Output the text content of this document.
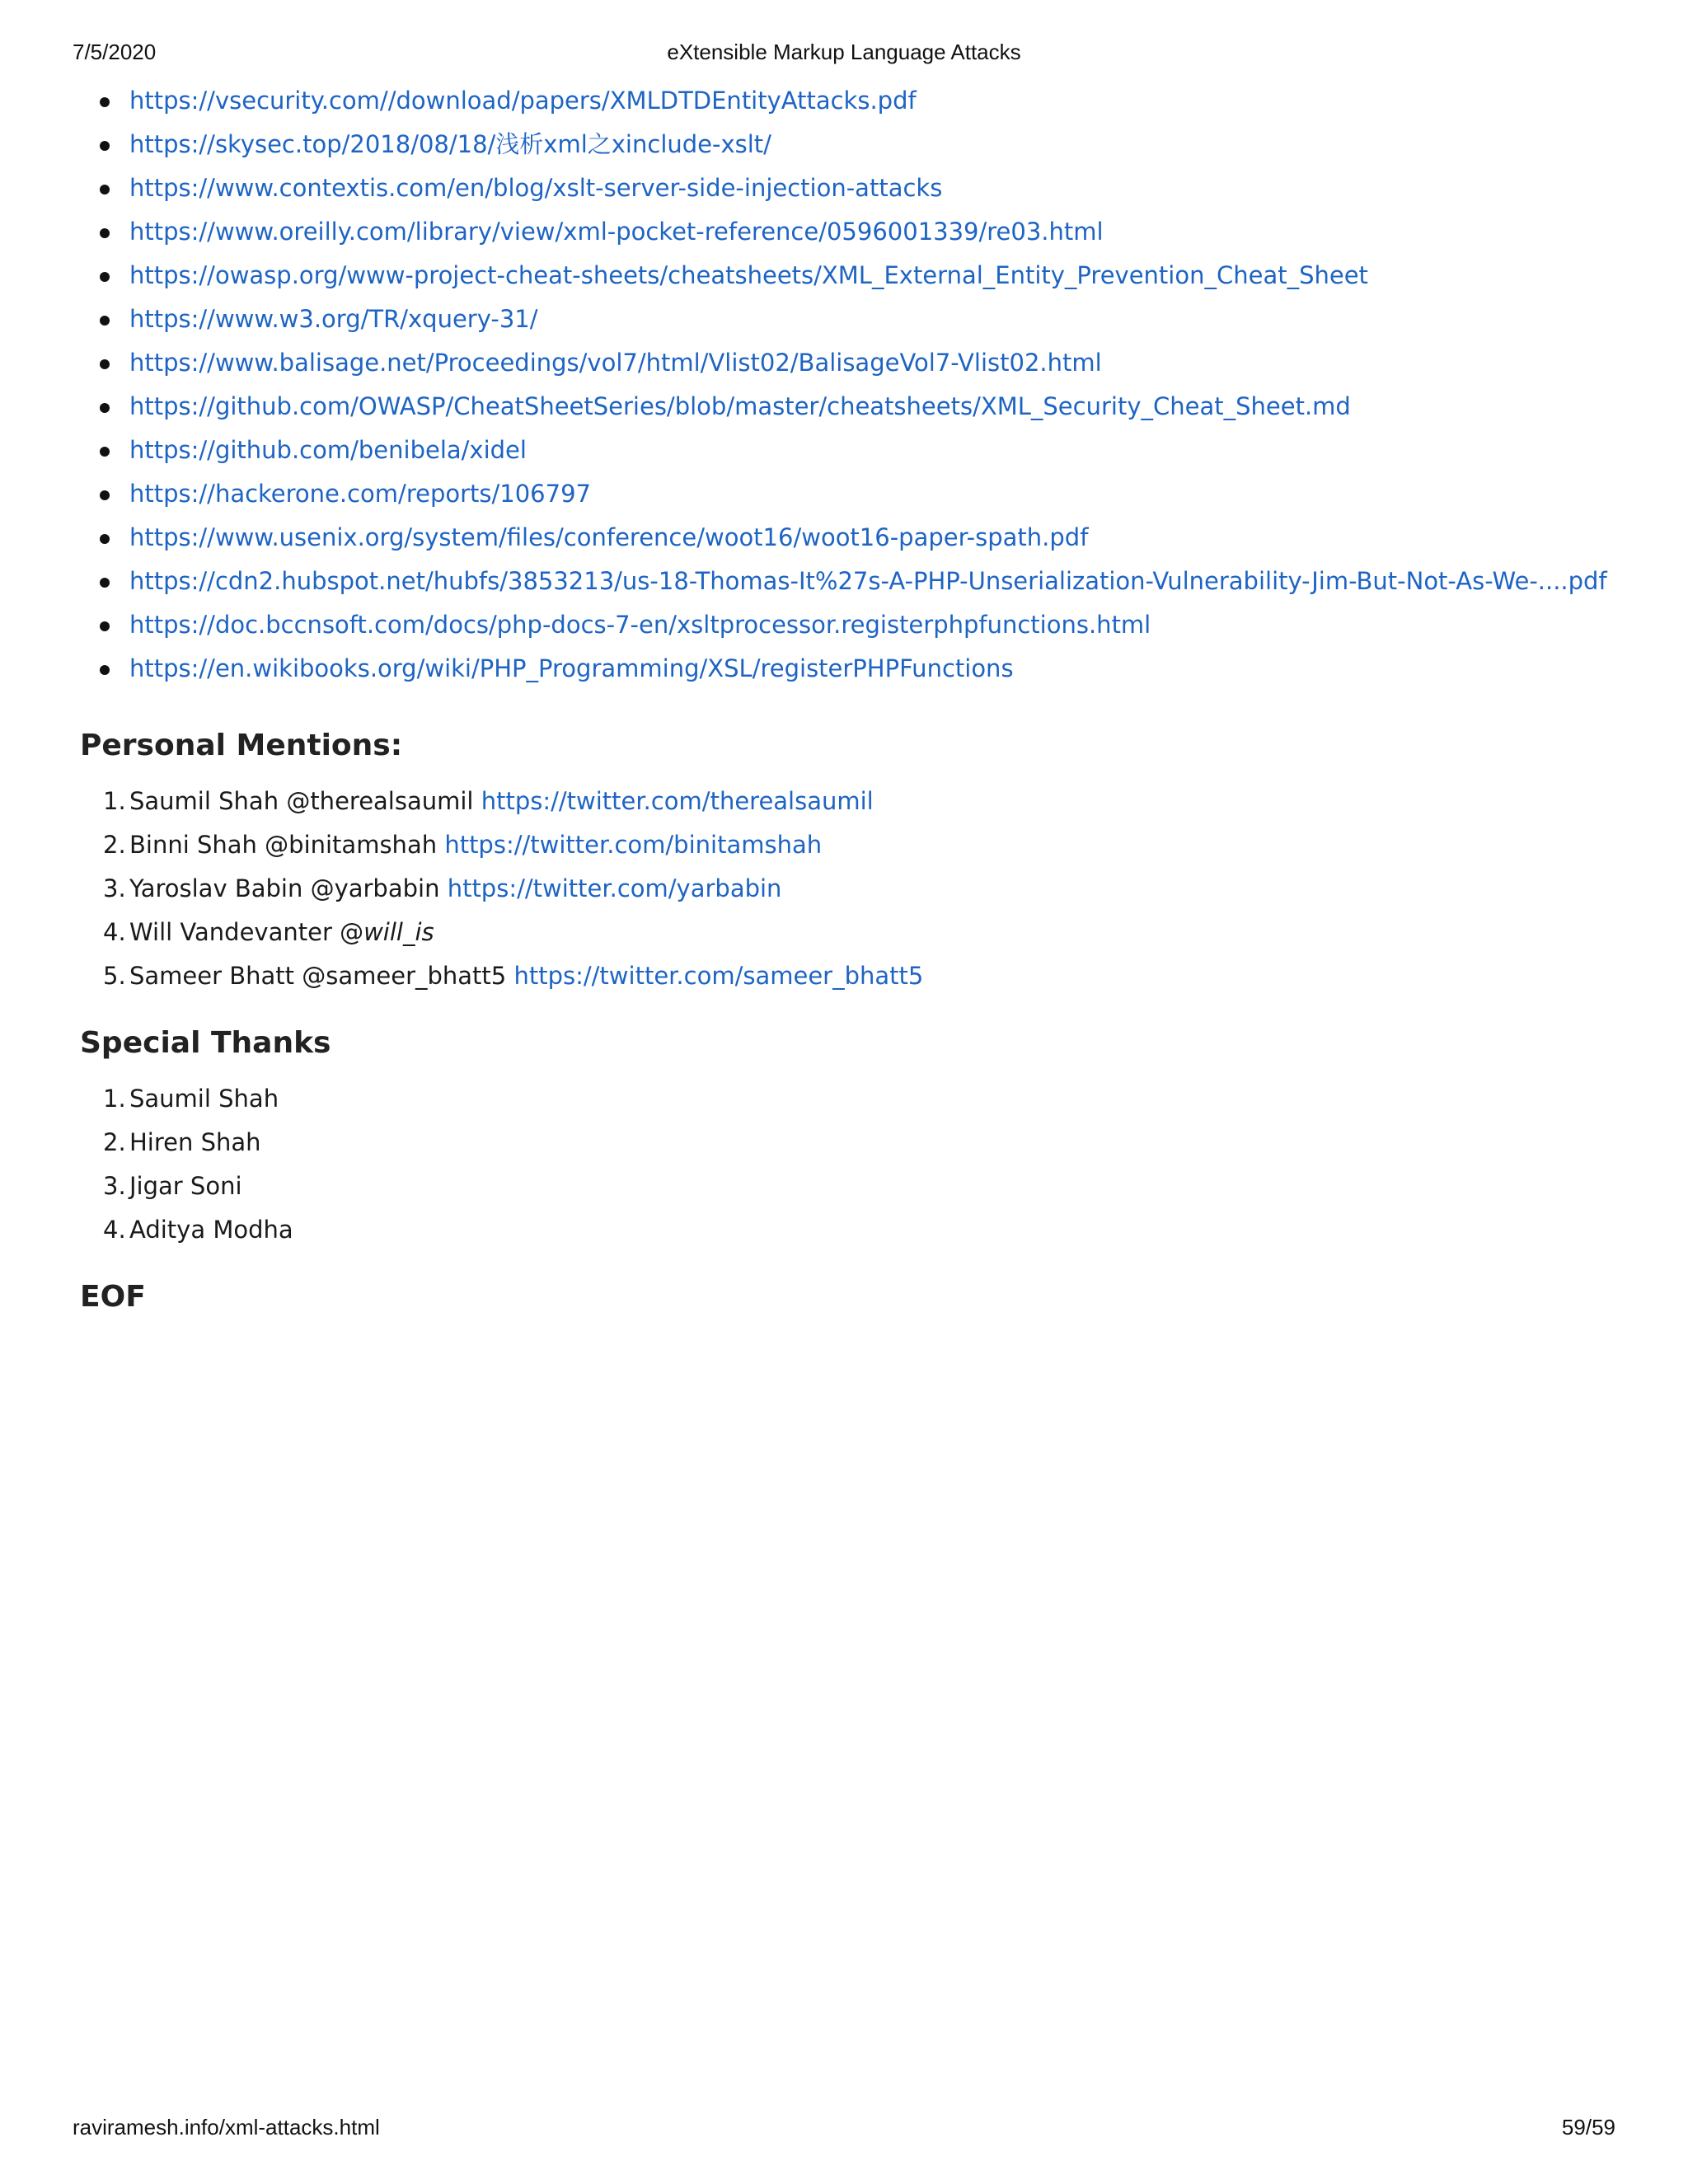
7/5/2020	eXtensible Markup Language Attacks
https://vsecurity.com//download/papers/XMLDTDEntityAttacks.pdf
https://skysec.top/2018/08/18/浅析xml之xinclude-xslt/
https://www.contextis.com/en/blog/xslt-server-side-injection-attacks
https://www.oreilly.com/library/view/xml-pocket-reference/0596001339/re03.html
https://owasp.org/www-project-cheat-sheets/cheatsheets/XML_External_Entity_Prevention_Cheat_Sheet
https://www.w3.org/TR/xquery-31/
https://www.balisage.net/Proceedings/vol7/html/Vlist02/BalisageVol7-Vlist02.html
https://github.com/OWASP/CheatSheetSeries/blob/master/cheatsheets/XML_Security_Cheat_Sheet.md
https://github.com/benibela/xidel
https://hackerone.com/reports/106797
https://www.usenix.org/system/files/conference/woot16/woot16-paper-spath.pdf
https://cdn2.hubspot.net/hubfs/3853213/us-18-Thomas-It%27s-A-PHP-Unserialization-Vulnerability-Jim-But-Not-As-We-....pdf
https://doc.bccnsoft.com/docs/php-docs-7-en/xsltprocessor.registerphpfunctions.html
https://en.wikibooks.org/wiki/PHP_Programming/XSL/registerPHPFunctions
Personal Mentions:
1. Saumil Shah @therealsaumil https://twitter.com/therealsaumil
2. Binni Shah @binitamshah https://twitter.com/binitamshah
3. Yaroslav Babin @yarbabin https://twitter.com/yarbabin
4. Will Vandevanter @will_is
5. Sameer Bhatt @sameer_bhatt5 https://twitter.com/sameer_bhatt5
Special Thanks
1. Saumil Shah
2. Hiren Shah
3. Jigar Soni
4. Aditya Modha
EOF
raviramesh.info/xml-attacks.html	59/59
